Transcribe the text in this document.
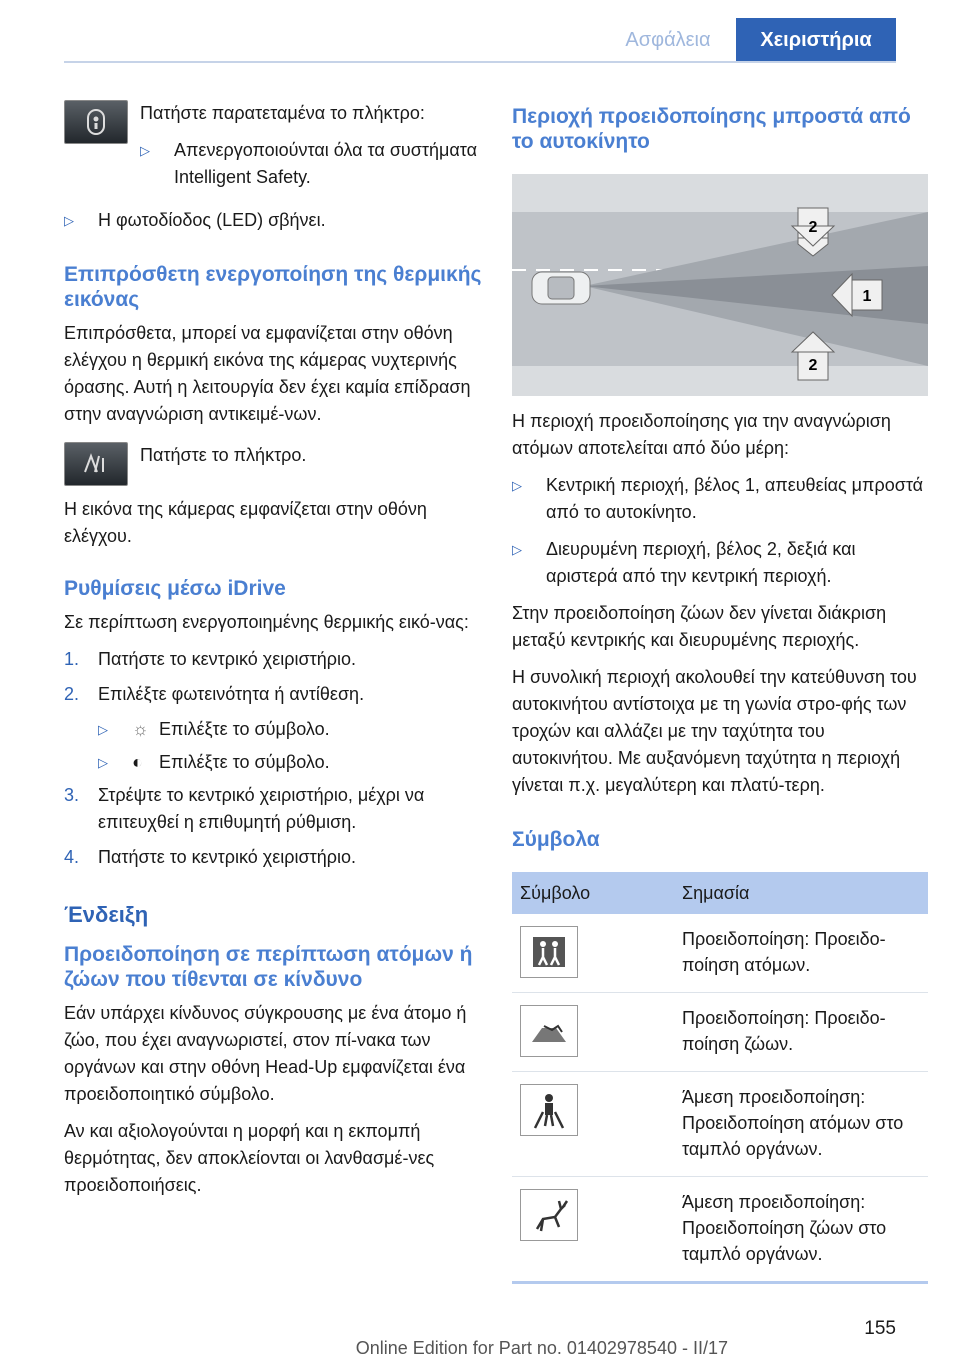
Ασφάλεια	Χειριστήρια

Πατήστε παρατεταμένα το πλήκτρο:

▷ Απενεργοποιούνται όλα τα συστήματα Intelligent Safety.
▷ Η φωτοδίοδος (LED) σβήνει.
Επιπρόσθετη ενεργοποίηση της θερμικής εικόνας

Επιπρόσθετα, μπορεί να εμφανίζεται στην οθόνη ελέγχου η θερμική εικόνα της κάμερας νυχτερινής όρασης. Αυτή η λειτουργία δεν έχει καμία επίδραση στην αναγνώριση αντικειμέ-νων.

Πατήστε το πλήκτρο.

Η εικόνα της κάμερας εμφανίζεται στην οθόνη ελέγχου.

Ρυθμίσεις μέσω iDrive

Σε περίπτωση ενεργοποιημένης θερμικής εικό-νας:

1. Πατήστε το κεντρικό χειριστήριο.
2. Επιλέξτε φωτεινότητα ή αντίθεση.
▷ ☼ Επιλέξτε το σύμβολο.
▷ ◐ Επιλέξτε το σύμβολο.
3. Στρέψτε το κεντρικό χειριστήριο, μέχρι να επιτευχθεί η επιθυμητή ρύθμιση.
4. Πατήστε το κεντρικό χειριστήριο.
Ένδειξη
Προειδοποίηση σε περίπτωση ατόμων ή ζώων που τίθενται σε κίνδυνο

Εάν υπάρχει κίνδυνος σύγκρουσης με ένα άτομο ή ζώο, που έχει αναγνωριστεί, στον πί-νακα των οργάνων και στην οθόνη Head-Up εμφανίζεται ένα προειδοποιητικό σύμβολο.

Αν και αξιολογούνται η μορφή και η εκπομπή θερμότητας, δεν αποκλείονται οι λανθασμέ-νες προειδοποιήσεις.

Περιοχή προειδοποίησης μπροστά από το αυτοκίνητο
2
1
2

Η περιοχή προειδοποίησης για την αναγνώριση ατόμων αποτελείται από δύο μέρη:

▷ Κεντρική περιοχή, βέλος 1, απευθείας μπροστά από το αυτοκίνητο.
▷ Διευρυμένη περιοχή, βέλος 2, δεξιά και αριστερά από την κεντρική περιοχή.

Στην προειδοποίηση ζώων δεν γίνεται διάκριση μεταξύ κεντρικής και διευρυμένης περιοχής.

Η συνολική περιοχή ακολουθεί την κατεύθυνση του αυτοκινήτου αντίστοιχα με τη γωνία στρο-φής των τροχών και αλλάζει με την ταχύτητα του αυτοκινήτου. Με αυξανόμενη ταχύτητα η περιοχή γίνεται π.χ. μεγαλύτερη και πλατύ-τερη.

Σύμβολα
Σύμβολο	Σημασία

	Προειδοποίηση: Προειδο-ποίηση ατόμων.

	Προειδοποίηση: Προειδο-ποίηση ζώων.

	Άμεση προειδοποίηση: Προειδοποίηση ατόμων στο ταμπλό οργάνων.

	Άμεση προειδοποίηση: Προειδοποίηση ζώων στο ταμπλό οργάνων.
155
Online Edition for Part no. 01402978540 - II/17
